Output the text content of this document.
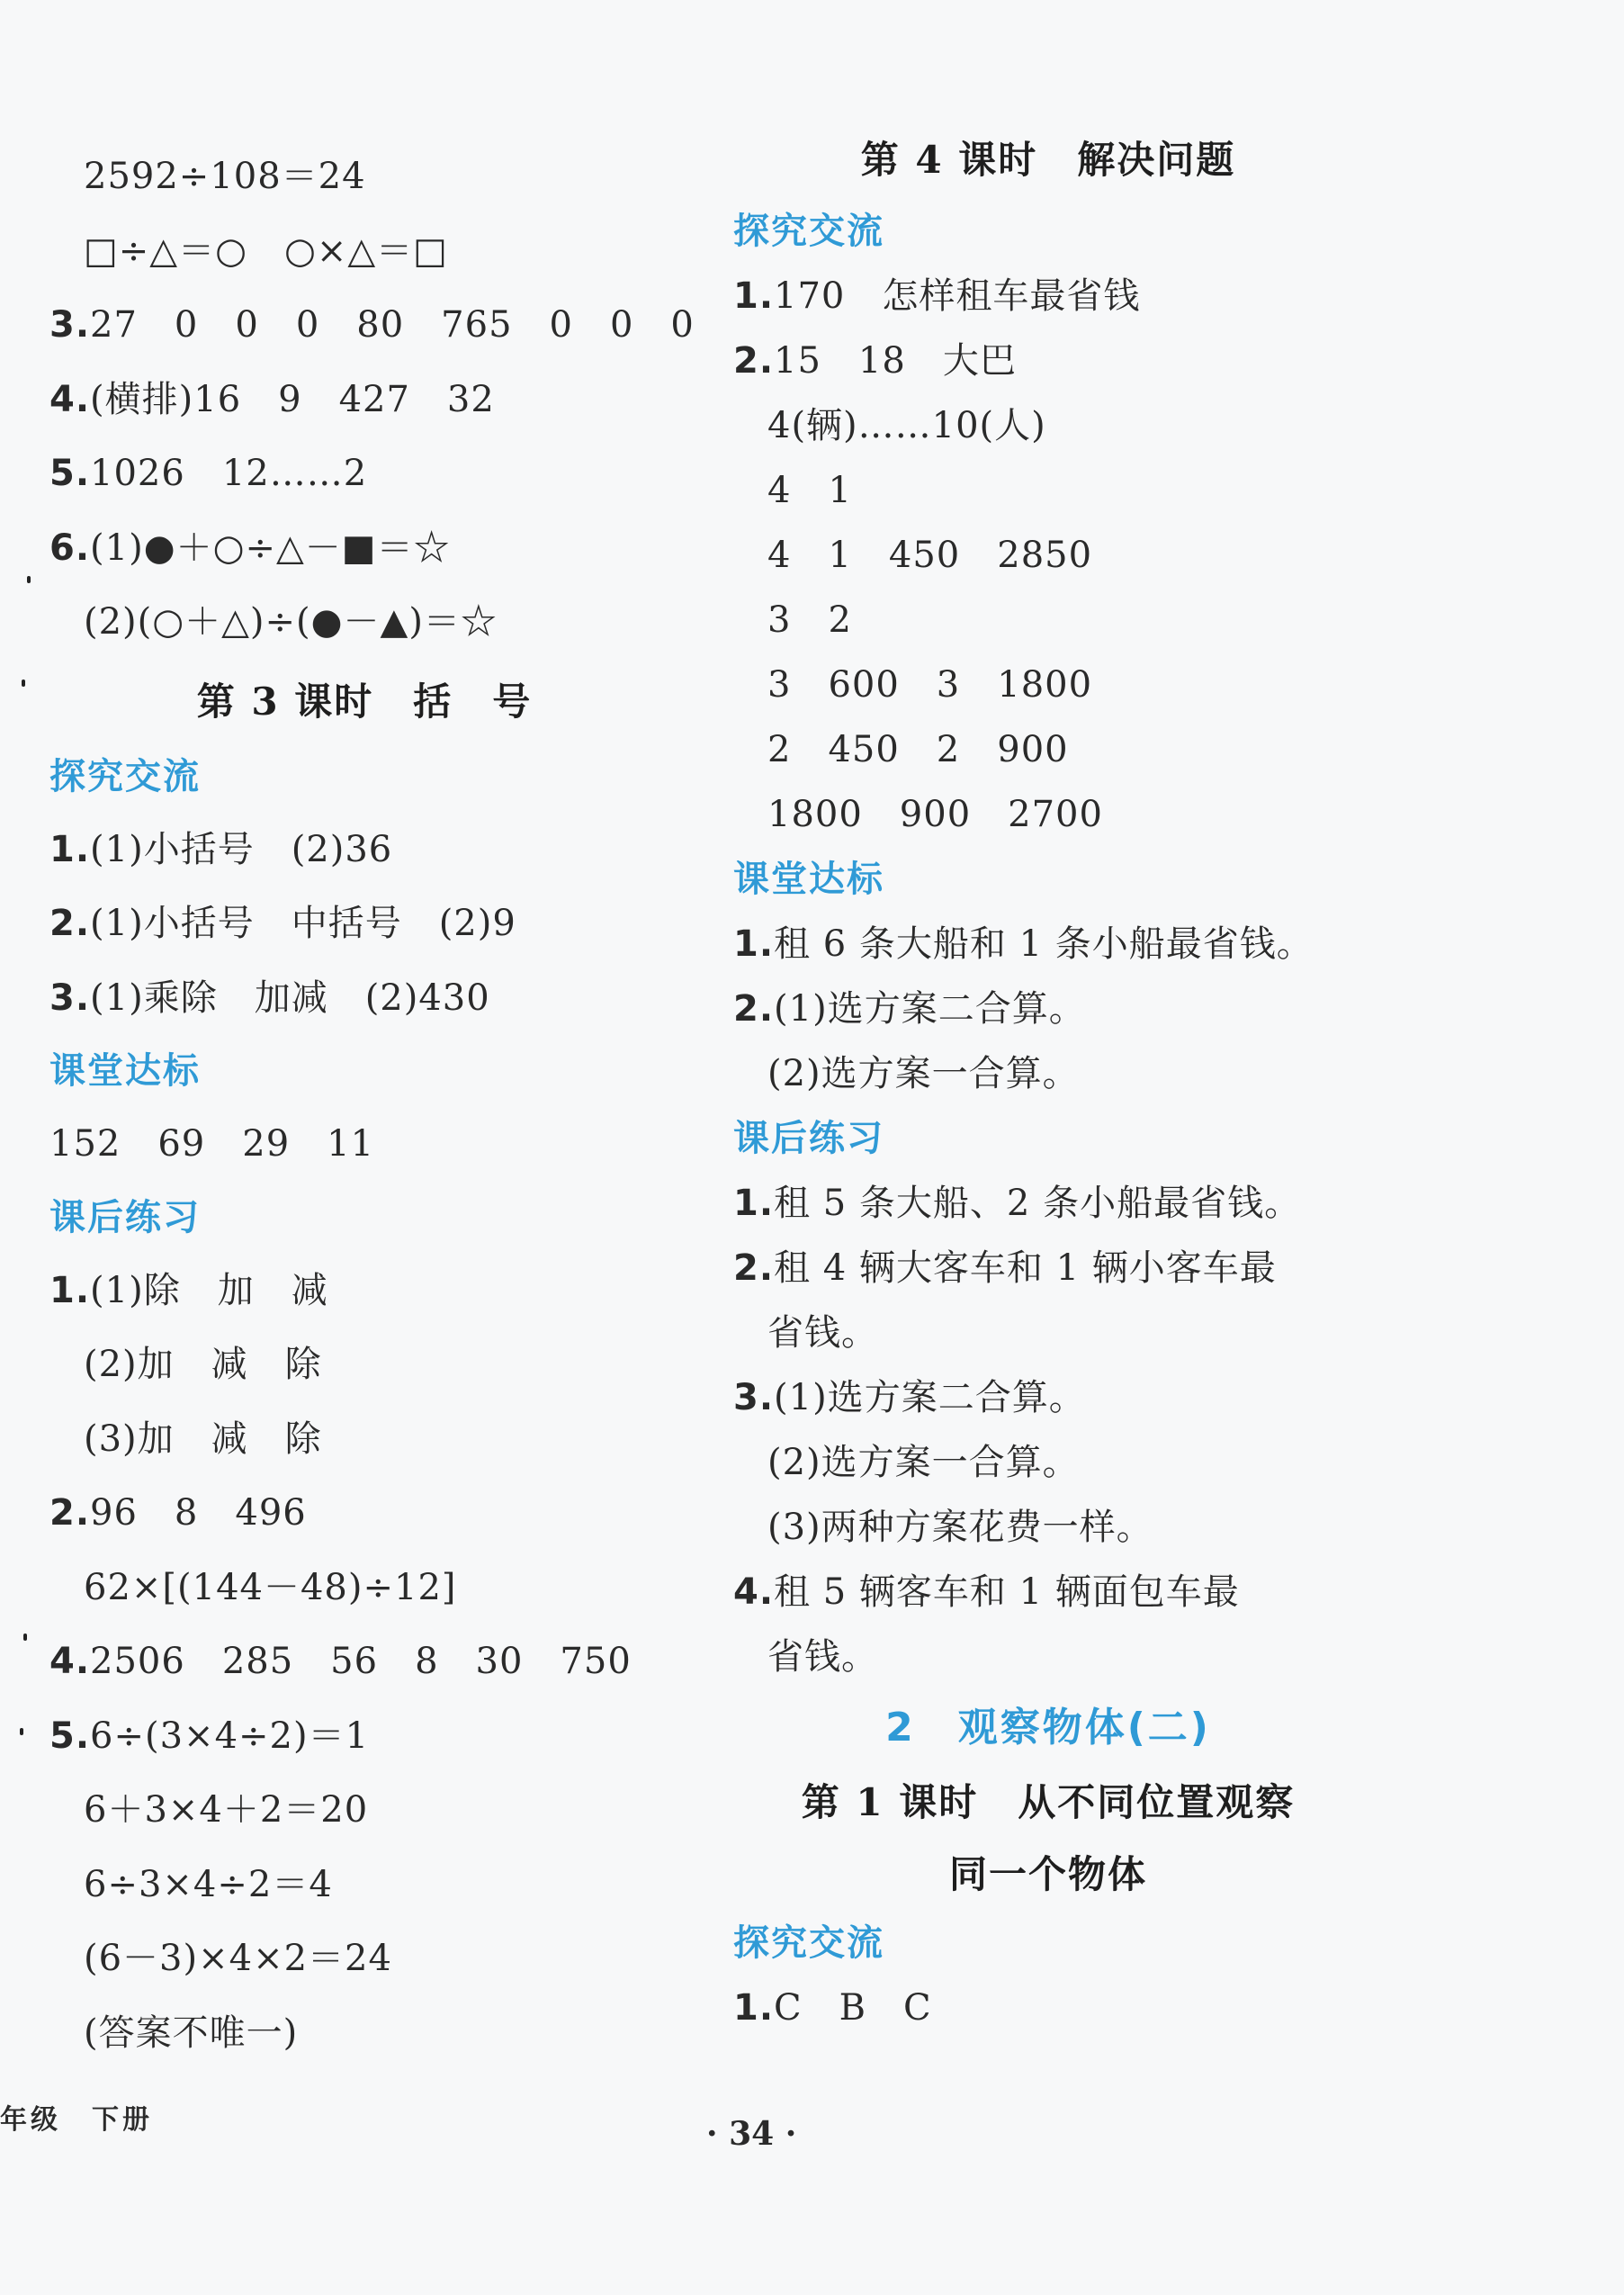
2592÷108＝24
□÷△＝○　○×△＝□
3.27　0　0　0　80　765　0　0　0
4.(横排)16　9　427　32
5.1026　12……2
6.(1)●＋○÷△－■＝☆
(2)(○＋△)÷(●－▲)＝☆
第 3 课时　括　号
探究交流
1.(1)小括号　(2)36
2.(1)小括号　中括号　(2)9
3.(1)乘除　加减　(2)430
课堂达标
152　69　29　11
课后练习
1.(1)除　加　减
(2)加　减　除
(3)加　减　除
2.96　8　496
62×[(144－48)÷12]
4.2506　285　56　8　30　750
5.6÷(3×4÷2)＝1
6＋3×4＋2＝20
6÷3×4÷2＝4
(6－3)×4×2＝24
(答案不唯一)
第 4 课时　解决问题
探究交流
1.170　怎样租车最省钱
2.15　18　大巴
4(辆)……10(人)
4　1
4　1　450　2850
3　2
3　600　3　1800
2　450　2　900
1800　900　2700
课堂达标
1.租 6 条大船和 1 条小船最省钱。
2.(1)选方案二合算。
(2)选方案一合算。
课后练习
1.租 5 条大船、2 条小船最省钱。
2.租 4 辆大客车和 1 辆小客车最
省钱。
3.(1)选方案二合算。
(2)选方案一合算。
(3)两种方案花费一样。
4.租 5 辆客车和 1 辆面包车最
省钱。
2　观察物体(二)
第 1 课时　从不同位置观察
同一个物体
探究交流
1.C　B　C
年级　下册	· 34 ·
